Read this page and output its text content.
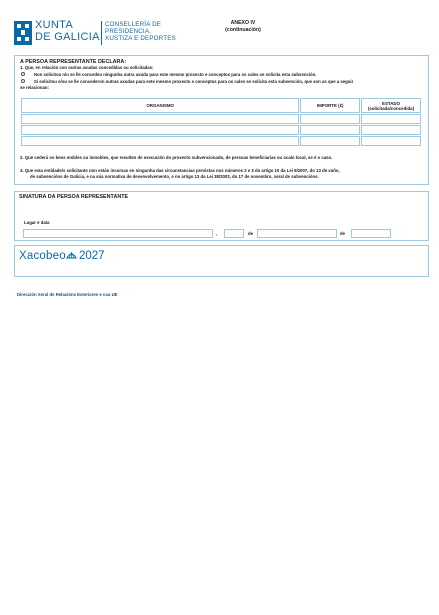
XUNTA
DE GALICIA
CONSELLERÍA DE
PRESIDENCIA,
XUSTIZA E DEPORTES
ANEXO IV
(continuación)
A PERSOA REPRESENTANTE DECLARA:
1. Que, en relación con outras axudas concedidas ou solicitadas:
Non solicitou nin se lle concedeu ningunha outra axuda para este mesmo proxecto e conceptos para os cales se solicita esta subvención.
Si solicitou e/ou se lle concederon outras axudas para este mesmo proxecto e conceptos para os cales se solicita esta subvención, que son as que a seguir
se relacionan:
ORGANISMO	IMPORTE (€)	ESTADO
(solicitada/concedida)

2. Que cederá os bens mobles ou inmobles, que resulten de execución do proxecto subvencionado, de persoas beneficiarias ou ocalo local, se é o caso.
3. Que esta entidade/s solicitante non están incursas en ningunha das circunstancias previstas nos números 2 e 3 do artigo 10 da Lei 9/2007, do 13 de xuño,
de subvencións de Galicia, e na súa normativa de desenvolvemento, e no artigo 13 da Lei 38/2003, do 17 de novembro, xeral de subvencións.
SINATURA DA PERSOA REPRESENTANTE
Lugar e data
,	de	de
Xacobeo 2027
Dirección Xeral de Relacións Exteriores e coa UE
